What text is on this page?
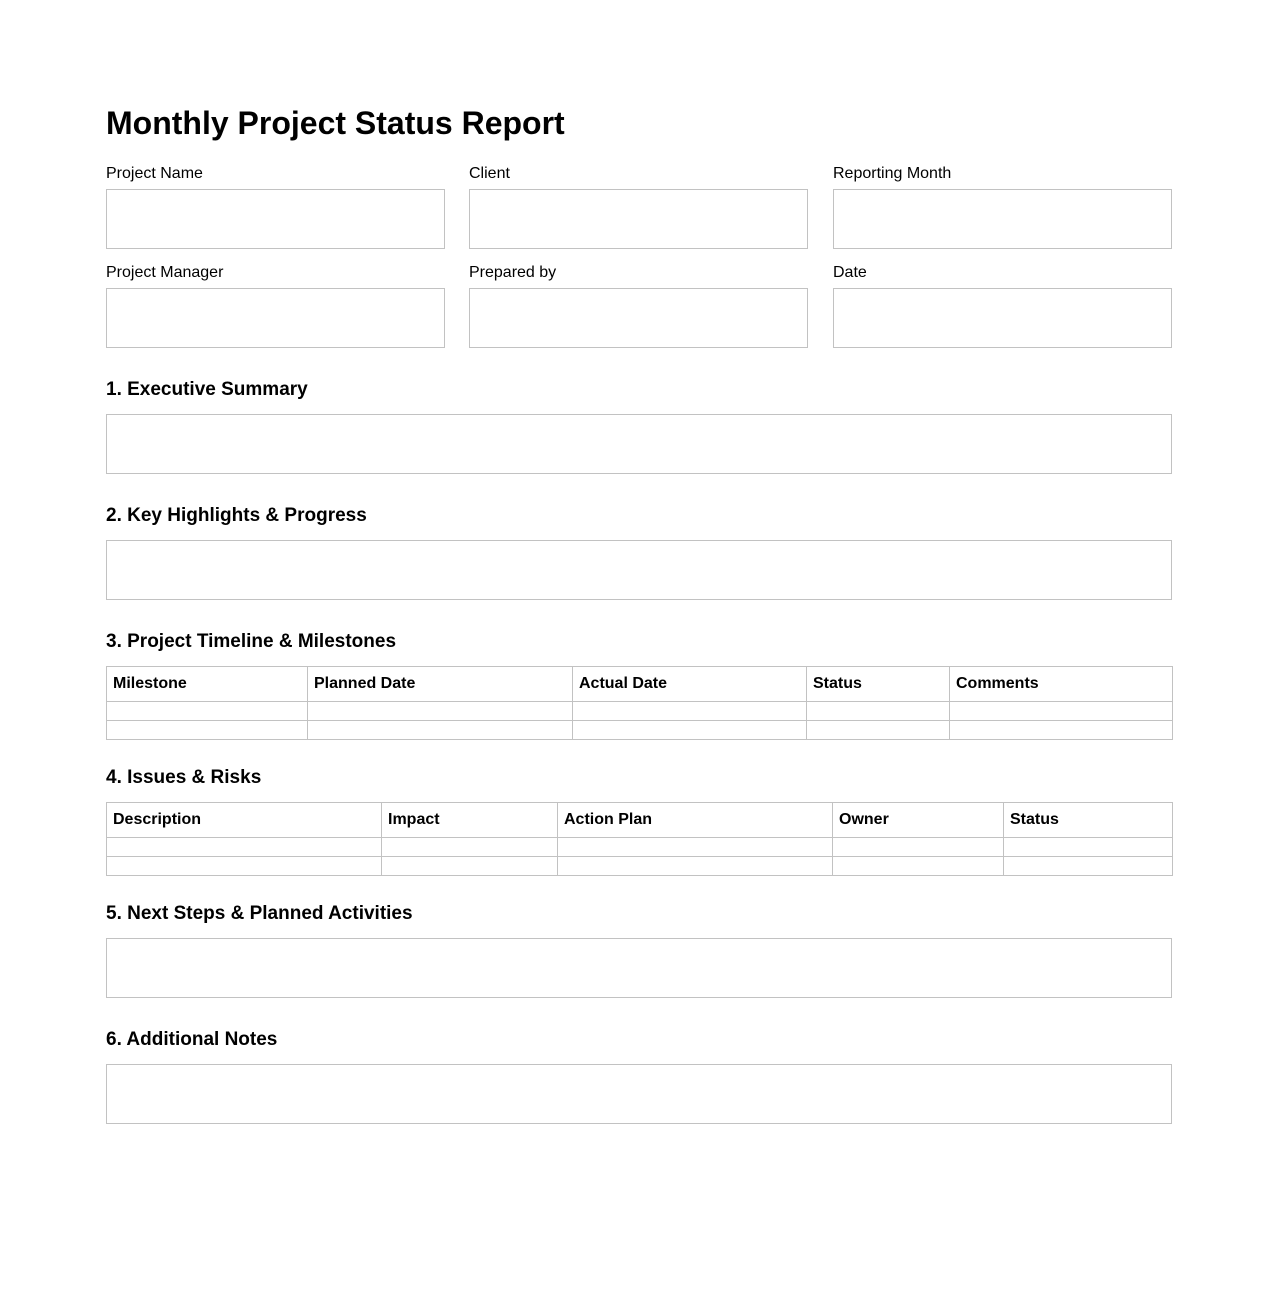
Monthly Project Status Report
Project Name	Client	Reporting Month
Project Manager	Prepared by	Date
1. Executive Summary
2. Key Highlights & Progress
3. Project Timeline & Milestones
Milestone	Planned Date	Actual Date	Status	Comments

4. Issues & Risks
Description	Impact	Action Plan	Owner	Status

5. Next Steps & Planned Activities
6. Additional Notes
